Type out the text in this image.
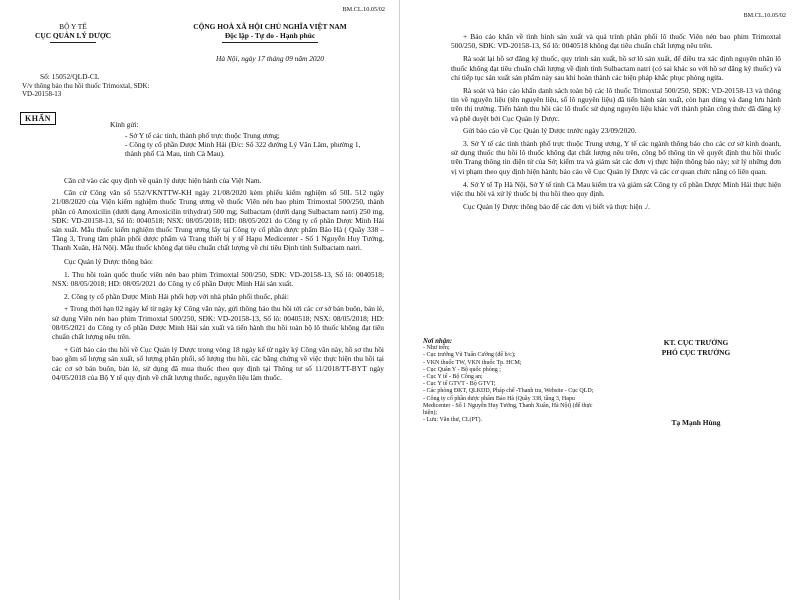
BM.CL.10.05/02
BỘ Y TẾ
CỤC QUẢN LÝ DƯỢC
CỘNG HOÀ XÃ HỘI CHỦ NGHĨA VIỆT NAM
Độc lập - Tự do - Hạnh phúc
Hà Nội, ngày 17 tháng 09 năm 2020
Số: 15052/QLD-CL
V/v thông báo thu hồi thuốc Trimoxtal, SĐK: VD-20158-13
KHẨN
Kính gửi:
- Sở Y tế các tỉnh, thành phố trực thuộc Trung ương;
- Công ty cổ phần Dược Minh Hải (Đ/c: Số 322 đường Lý Văn Lâm, phường 1, thành phố Cà Mau, tỉnh Cà Mau).
Căn cứ vào các quy định về quản lý dược hiện hành của Việt Nam.
Căn cứ Công văn số 552/VKNTTW-KH ngày 21/08/2020 kèm phiếu kiểm nghiệm số 50L 512 ngày 21/08/2020 của Viện kiểm nghiệm thuốc Trung ương về thuốc Viên nén bao phim Trimoxtal 500/250, thành phần có Amoxicilin (dưới dạng Amoxicilin trihydrat) 500 mg; Sulbactam (dưới dạng Sulbactam natri) 250 mg, SĐK: VD-20158-13, Số lô: 0040518; NSX: 08/05/2018; HD: 08/05/2021 do Công ty cổ phần Dược Minh Hải sản xuất. Mẫu thuốc kiểm nghiệm thuốc Trung ương lấy tại Công ty cổ phần dược phẩm Bảo Hà ( Quầy 338 – Tầng 3, Trung tâm phân phối dược phẩm và Trang thiết bị y tế Hapu Medicenter - Số 1 Nguyễn Huy Tưởng, Thanh Xuân, Hà Nội). Mẫu thuốc không đạt tiêu chuẩn chất lượng về chỉ tiêu Định tính Sulbactam natri.
Cục Quản lý Dược thông báo:
1. Thu hồi toàn quốc thuốc viên nén bao phim Trimoxtal 500/250, SĐK: VD-20158-13, Số lô: 0040518; NSX: 08/05/2018; HD: 08/05/2021 do Công ty cổ phần Dược Minh Hải sản xuất.
2. Công ty cổ phần Dược Minh Hải phối hợp với nhà phân phối thuốc, phải:
+ Trong thời hạn 02 ngày kể từ ngày ký Công văn này, gửi thông báo thu hồi tới các cơ sở bán buôn, bán lẻ, sử dụng Viên nén bao phim Trimoxtal 500/250, SĐK: VD-20158-13, Số lô: 0040518; NSX: 08/05/2018; HD: 08/05/2021 do Công ty cổ phần Dược Minh Hải sản xuất và tiến hành thu hồi toàn bộ lô thuốc không đạt tiêu chuẩn chất lượng nêu trên.
+ Gửi báo cáo thu hồi về Cục Quản lý Dược trong vòng 18 ngày kể từ ngày ký Công văn này, hồ sơ thu hồi bao gồm số lượng sản xuất, số lượng phân phối, số lượng thu hồi, các bằng chứng về việc thực hiện thu hồi tại các cơ sở bán buôn, bán lẻ, sử dụng đã mua thuốc theo quy định tại Thông tư số 11/2018/TT-BYT ngày 04/05/2018 của Bộ Y tế quy định về chất lượng thuốc, nguyên liệu làm thuốc.
BM.CL.10.05/02
+ Báo cáo khẩn về tình hình sản xuất và quá trình phân phối lô thuốc Viên nén bao phim Trimoxtal 500/250, SĐK: VD-20158-13, Số lô: 0040518 không đạt tiêu chuẩn chất lượng nêu trên.
Rà soát lại hồ sơ đăng ký thuốc, quy trình sản xuất, hồ sơ lô sản xuất, để điều tra xác định nguyên nhân lô thuốc không đạt tiêu chuẩn chất lượng về định tính Sulbactam natri (có sai khác so với hồ sơ đăng ký thuốc) và chỉ tiếp tục sản xuất sản phẩm này sau khi hoàn thành các biện pháp khắc phục phòng ngừa.
Rà soát và báo cáo khẩn danh sách toàn bộ các lô thuốc Trimoxtal 500/250, SĐK: VD-20158-13 và thông tin về nguyên liệu (tên nguyên liệu, số lô nguyên liệu) đã tiến hành sản xuất, còn hạn dùng và đang lưu hành trên thị trường. Tiến hành thu hồi các lô thuốc sử dụng nguyên liệu khác với thành phần công thức đã đăng ký và phê duyệt bởi Cục Quản lý Dược.
Gửi báo cáo về Cục Quản lý Dược trước ngày 23/09/2020.
3. Sở Y tế các tỉnh thành phố trực thuộc Trung ương, Y tế các ngành thông báo cho các cơ sở kinh doanh, sử dụng thuốc thu hồi lô thuốc không đạt chất lượng nêu trên, công bố thông tin về quyết định thu hồi thuốc trên Trang thông tin điện tử của Sở; kiểm tra và giám sát các đơn vị thực hiện thông báo này; xử lý những đơn vị vi phạm theo quy định hiện hành; báo cáo về Cục Quản lý Dược và các cơ quan chức năng có liên quan.
4. Sở Y tế Tp Hà Nội, Sở Y tế tỉnh Cà Mau kiểm tra và giám sát Công ty cổ phần Dược Minh Hải thực hiện việc thu hồi và xử lý thuốc bị thu hồi theo quy định.
Cục Quản lý Dược thông báo để các đơn vị biết và thực hiện ./.
Nơi nhận:
- Như trên;
- Cục trưởng Vũ Tuấn Cường (để b/c);
- VKN thuốc TW, VKN thuốc Tp. HCM;
- Cục Quân Y - Bộ quốc phòng ;
- Cục Y tế - Bộ Công an;
- Cục Y tế GTVT - Bộ GTVT;
- Các phòng ĐKT, QLKDD, Pháp chế -Thanh tra, Website - Cục QLD;
- Công ty cổ phần dược phẩm Bảo Hà (Quầy 338, tầng 3, Hapu Medicenter - Số 1 Nguyễn Huy Tưởng, Thanh Xuân, Hà Nội) (để thực hiện);
- Lưu: Văn thư, CL(PT).
KT. CỤC TRƯỞNG
PHÓ CỤC TRƯỞNG
Tạ Mạnh Hùng
